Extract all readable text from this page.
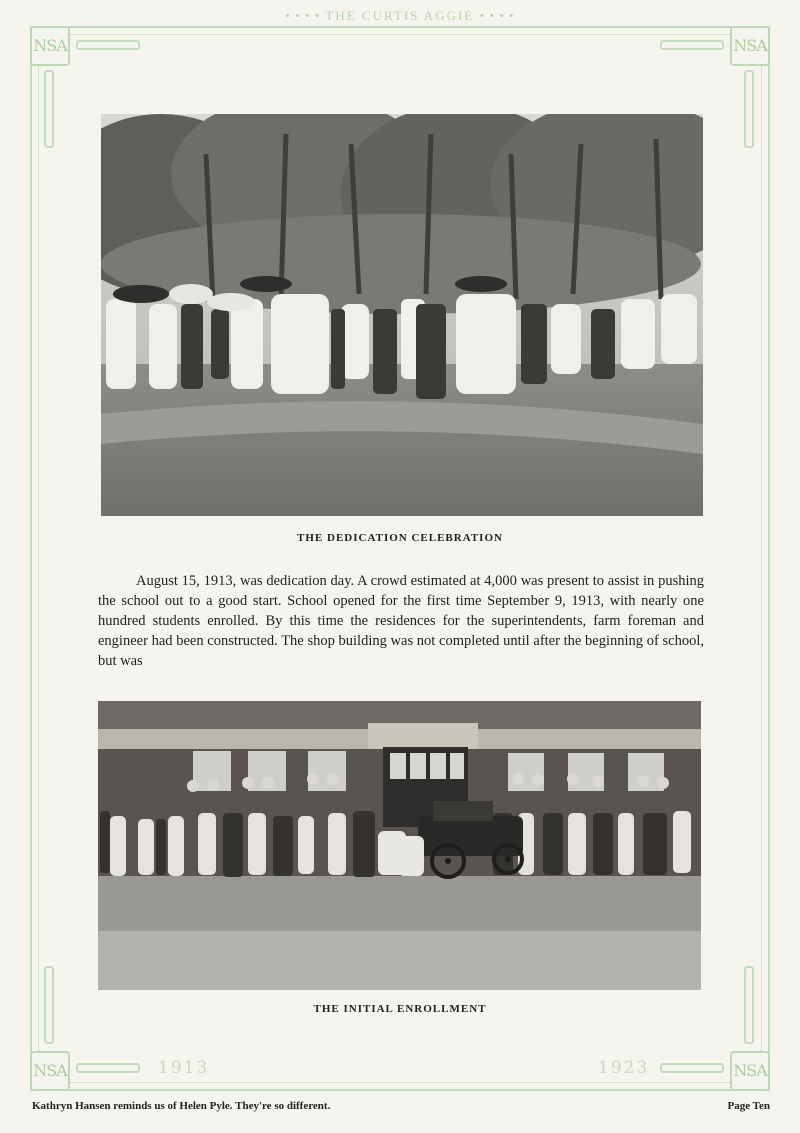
• • • • THE CURTIS AGGIE • • • •
NSA	NSA
NSA	NSA
THE DEDICATION CELEBRATION

August 15, 1913, was dedication day. A crowd estimated at 4,000 was present to assist in pushing the school out to a good start. School opened for the first time September 9, 1913, with nearly one hundred students enrolled. By this time the residences for the superintendents, farm foreman and engineer had been constructed. The shop building was not completed until after the beginning of school, but was

THE INITIAL ENROLLMENT
1913	1923
Kathryn Hansen reminds us of Helen Pyle. They're so different.	Page Ten
